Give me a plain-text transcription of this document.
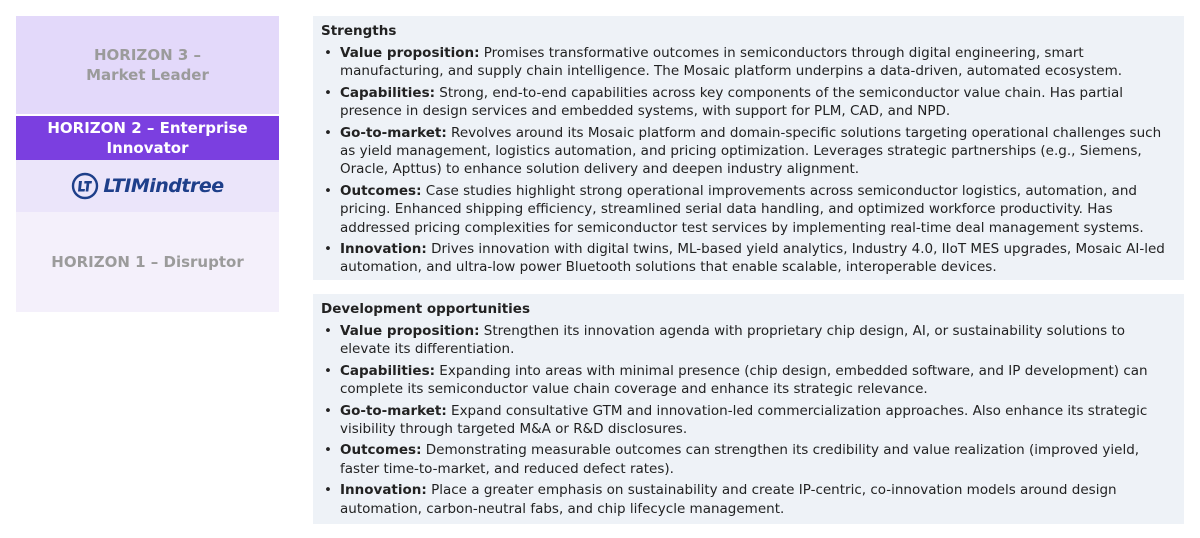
HORIZON 3 –
Market Leader
HORIZON 2 – Enterprise
Innovator
LTIMindtree
HORIZON 1 – Disruptor
Strengths
• Value proposition: Promises transformative outcomes in semiconductors through digital engineering, smart manufacturing, and supply chain intelligence. The Mosaic platform underpins a data-driven, automated ecosystem.
• Capabilities: Strong, end-to-end capabilities across key components of the semiconductor value chain. Has partial presence in design services and embedded systems, with support for PLM, CAD, and NPD.
• Go-to-market: Revolves around its Mosaic platform and domain-specific solutions targeting operational challenges such as yield management, logistics automation, and pricing optimization. Leverages strategic partnerships (e.g., Siemens, Oracle, Apttus) to enhance solution delivery and deepen industry alignment.
• Outcomes: Case studies highlight strong operational improvements across semiconductor logistics, automation, and pricing. Enhanced shipping efficiency, streamlined serial data handling, and optimized workforce productivity. Has addressed pricing complexities for semiconductor test services by implementing real-time deal management systems.
• Innovation: Drives innovation with digital twins, ML-based yield analytics, Industry 4.0, IIoT MES upgrades, Mosaic AI-led automation, and ultra-low power Bluetooth solutions that enable scalable, interoperable devices.
Development opportunities
• Value proposition: Strengthen its innovation agenda with proprietary chip design, AI, or sustainability solutions to elevate its differentiation.
• Capabilities: Expanding into areas with minimal presence (chip design, embedded software, and IP development) can complete its semiconductor value chain coverage and enhance its strategic relevance.
• Go-to-market: Expand consultative GTM and innovation-led commercialization approaches. Also enhance its strategic visibility through targeted M&A or R&D disclosures.
• Outcomes: Demonstrating measurable outcomes can strengthen its credibility and value realization (improved yield, faster time-to-market, and reduced defect rates).
• Innovation: Place a greater emphasis on sustainability and create IP-centric, co-innovation models around design automation, carbon-neutral fabs, and chip lifecycle management.
